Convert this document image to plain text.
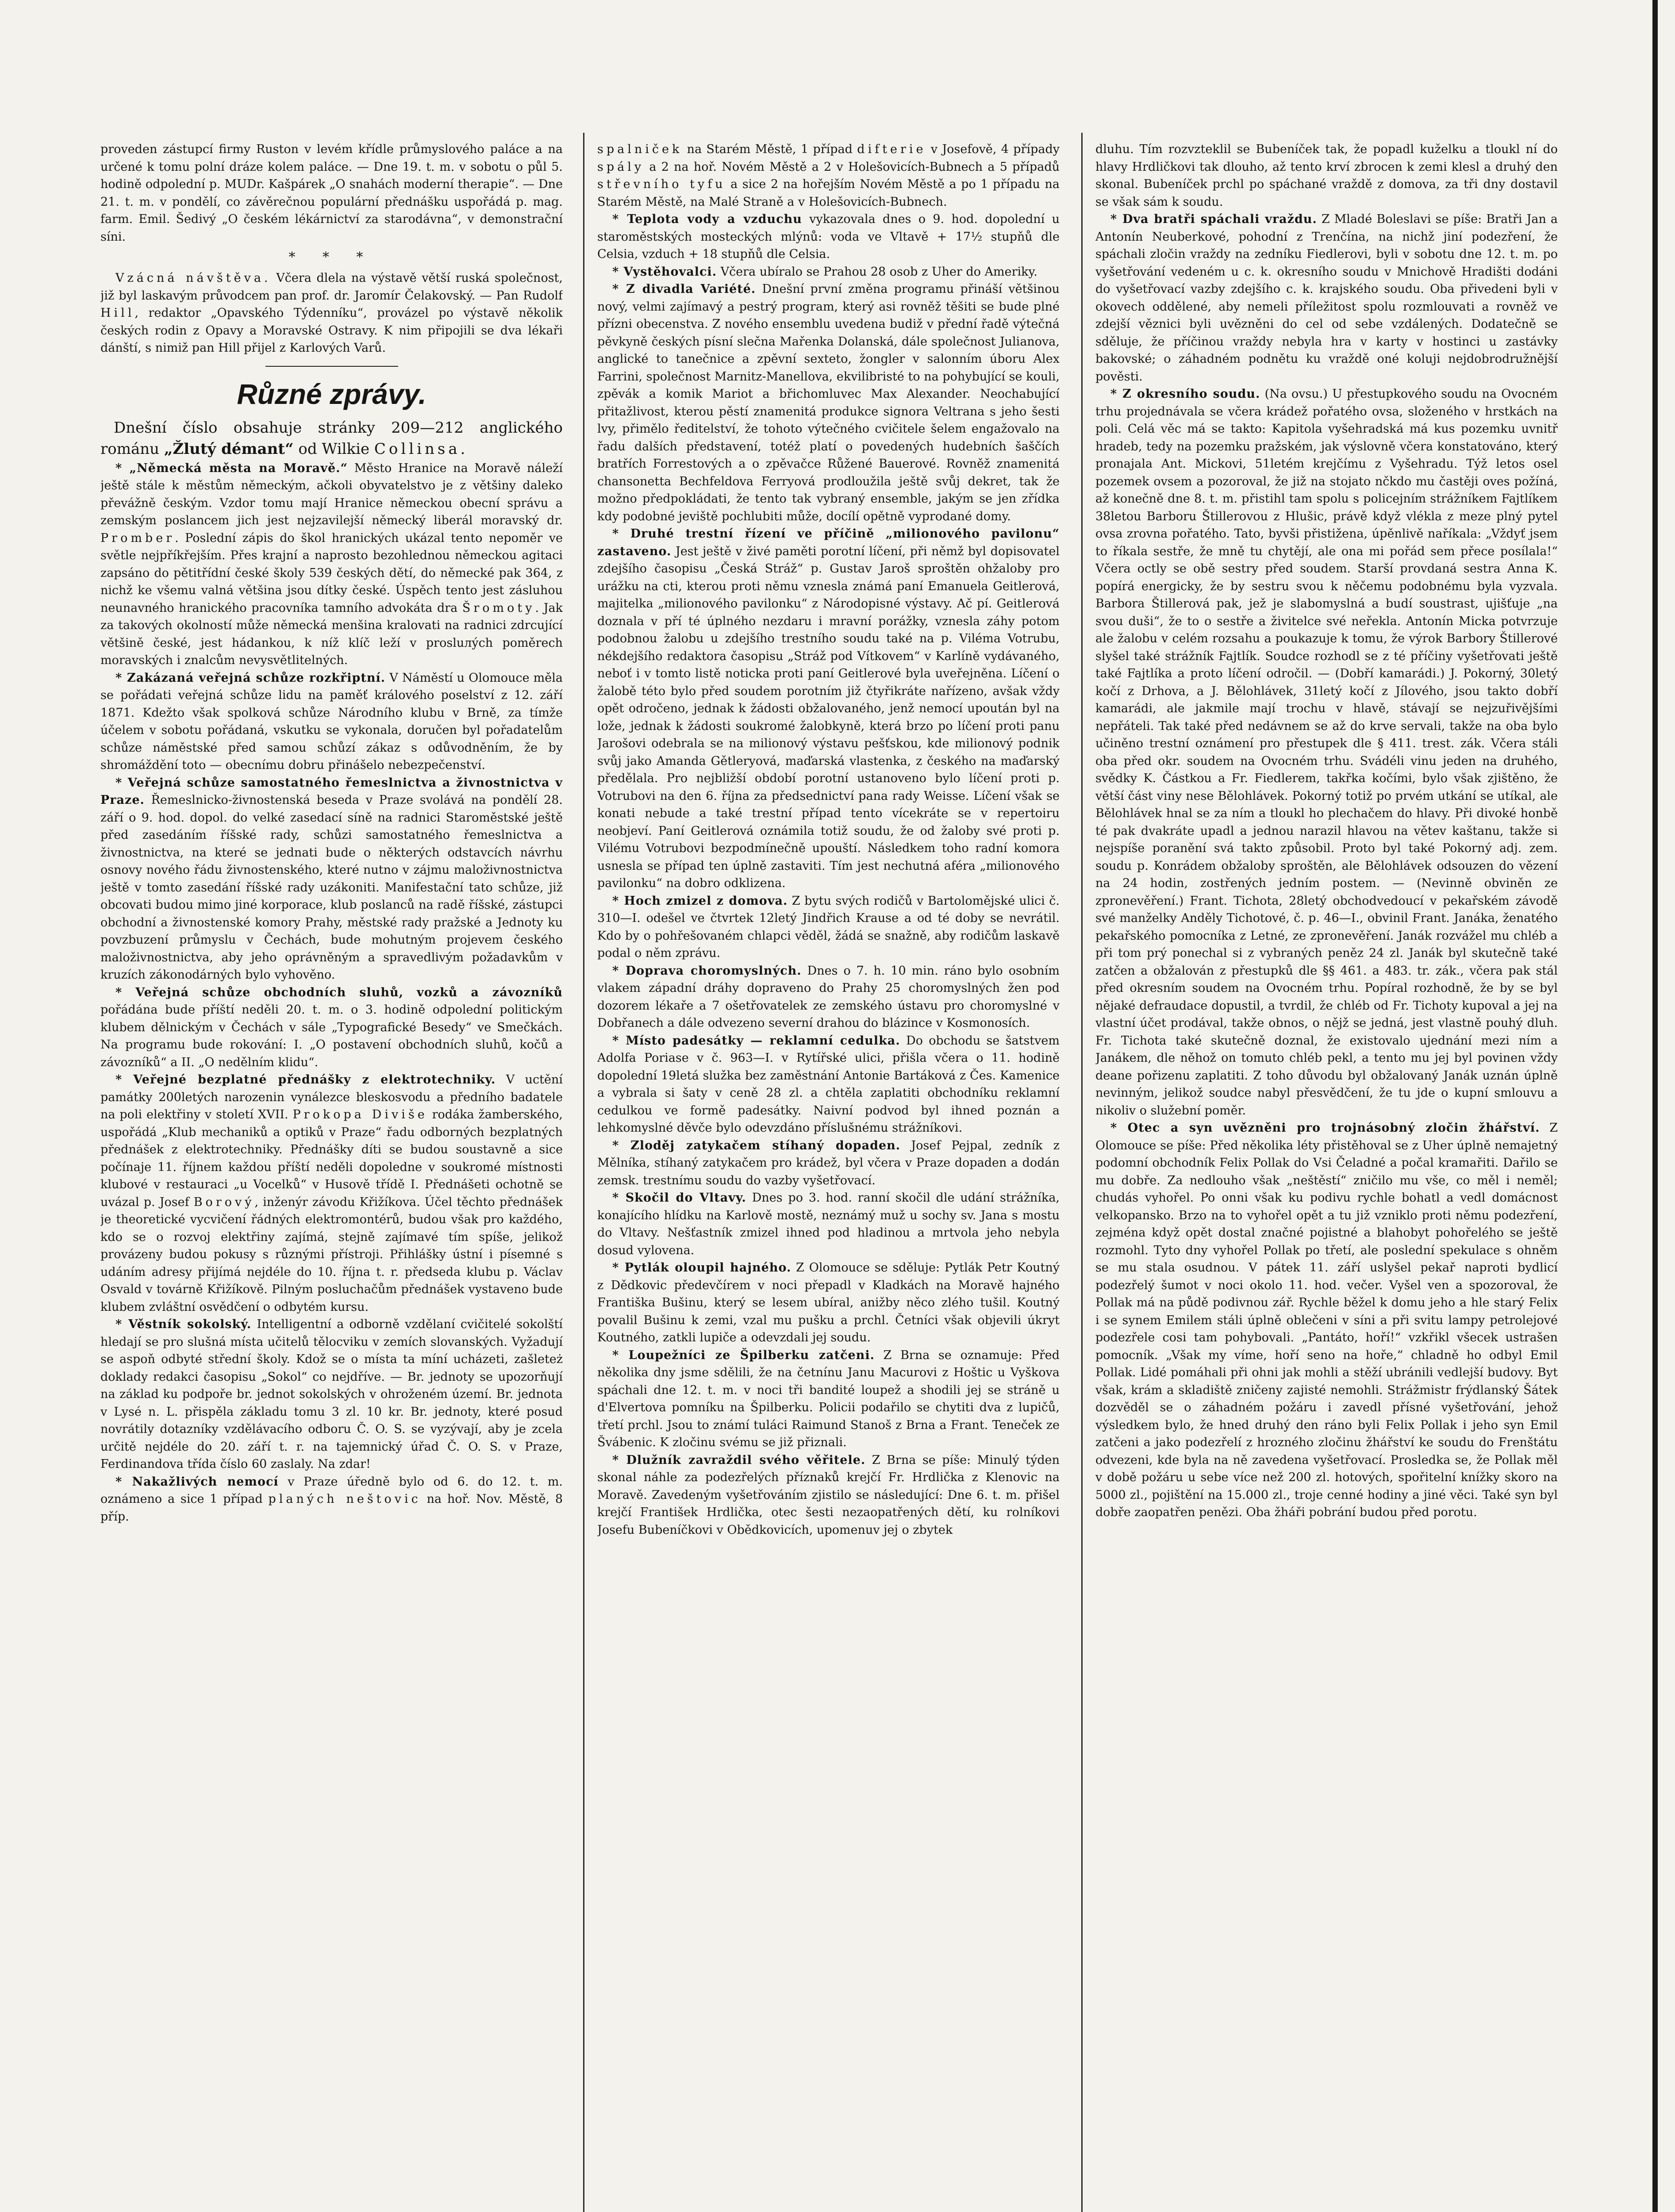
proveden zástupcí firmy Ruston v levém křídle průmyslového paláce a na určené k tomu polní dráze kolem paláce. — Dne 19. t. m. v sobotu o půl 5. hodině odpolední p. MUDr. Kašpárek „O snahách moderní therapie“. — Dne 21. t. m. v pondělí, co závěrečnou populární přednášku uspořádá p. mag. farm. Emil. Šedivý „O českém lékárnictví za starodávna“, v demonstrační síni.

* * *

Vzácná návštěva. Včera dlela na výstavě větší ruská společnost, již byl laskavým průvodcem pan prof. dr. Jaromír Čelakovský. — Pan Rudolf Hill, redaktor „Opavského Týdenníku“, provázel po výstavě několik českých rodin z Opavy a Moravské Ostravy. K nim připojili se dva lékaři dánští, s nimiž pan Hill přijel z Karlových Varů.

Různé zprávy.

Dnešní číslo obsahuje stránky 209—212 anglického románu „Žlutý démant“ od Wilkie Collinsa.

* „Německá města na Moravě.“ Město Hranice na Moravě náleží ještě stále k městům německým, ačkoli obyvatelstvo je z většiny daleko převážně českým. Vzdor tomu mají Hranice německou obecní správu a zemským poslancem jich jest nejzavilejší německý liberál moravský dr. Promber. Poslední zápis do škol hranických ukázal tento nepoměr ve světle nejpříkřejším. Přes krajní a naprosto bezohlednou německou agitaci zapsáno do pětitřídní české školy 539 českých dětí, do německé pak 364, z nichž ke všemu valná většina jsou dítky české. Úspěch tento jest zásluhou neunavného hranického pracovníka tamního advokáta dra Šromoty. Jak za takových okolností může německá menšina kralovati na radnici zdrcující většině české, jest hádankou, k níž klíč leží v prosluлých poměrech moravských i znalcům nevysvětlitelných.

* Zakázaná veřejná schůze rozkřiptní. V Náměstí u Olomouce měla se pořádati veřejná schůze lidu na paměť králového poselství z 12. září 1871. Kdežto však spolková schůze Národního klubu v Brně, za tímže účelem v sobotu pořádaná, vskutku se vykonala, doručen byl pořadatelům schůze náměstské před samou schůzí zákaz s odůvodněním, že by shromáždění toto — obecnímu dobru přinášelo nebezpečenství.

* Veřejná schůze samostatného řemeslnictva a živnostnictva v Praze. Řemeslnicko-živnostenská beseda v Praze svolává na pondělí 28. září o 9. hod. dopol. do velké zasedací síně na radnici Staroměstské ještě před zasedáním říšské rady, schůzi samostatného řemeslnictva a živnostnictva, na které se jednati bude o některých odstavcích návrhu osnovy nového řádu živnostenského, které nutno v zájmu maloživnostnictva ještě v tomto zasedání říšské rady uzákoniti. Manifestační tato schůze, již obcovati budou mimo jiné korporace, klub poslanců na radě říšské, zástupci obchodní a živnostenské komory Prahy, městské rady pražské a Jednoty ku povzbuzení průmyslu v Čechách, bude mohutným projevem českého maloživnostnictva, aby jeho oprávněným a spravedlivým požadavkům v kruzích zákonodárných bylo vyhověno.

* Veřejná schůze obchodních sluhů, vozků a závozníků pořádána bude příští neděli 20. t. m. o 3. hodině odpolední politickým klubem dělnickým v Čechách v sále „Typografické Besedy“ ve Smečkách. Na programu bude rokování: I. „O postavení obchodních sluhů, kočů a závozníků“ a II. „O nedělním klidu“.

* Veřejné bezplatné přednášky z elektrotechniky. V uctění památky 200letých narozenin vynálezce bleskosvodu a předního badatele na poli elektřiny v století XVII. Prokopa Diviše rodáka žamberského, uspořádá „Klub mechaniků a optiků v Praze“ řadu odborných bezplatných přednášek z elektrotechniky. Přednášky díti se budou soustavně a sice počínaje 11. říjnem každou příští neděli dopoledne v soukromé místnosti klubové v restauraci „u Vocelků“ v Husově třídě I. Přednášeti ochotně se uvázal p. Josef Borový, inženýr závodu Křižíkova. Účel těchto přednášek je theoretické vycvičení řádných elektromontérů, budou však pro každého, kdo se o rozvoj elektřiny zajímá, stejně zajímavé tím spíše, jelikož provázeny budou pokusy s různými přístroji. Přihlášky ústní i písemné s udáním adresy přijímá nejdéle do 10. října t. r. předseda klubu p. Václav Osvald v továrně Křižíkově. Pilným posluchačům přednášek vystaveno bude klubem zvláštní osvědčení o odbytém kursu.

* Věstník sokolský. Intelligentní a odborně vzdělaní cvičitelé sokolští hledají se pro slušná místa učitelů tělocviku v zemích slovanských. Vyžadují se aspoň odbyté střední školy. Kdož se o místa ta míní ucházeti, zašleteż doklady redakci časopisu „Sokol“ co nejdříve. — Br. jednoty se upozorňují na základ ku podpoře br. jednot sokolských v ohroženém území. Br. jednota v Lysé n. L. přispěla základu tomu 3 zl. 10 kr. Br. jednoty, které posud novrátily dotazníky vzdělávacího odboru Č. O. S. se vyzývají, aby je zcela určitě nejdéle do 20. září t. r. na tajemnický úřad Č. O. S. v Praze, Ferdinandova třída číslo 60 zaslaly. Na zdar!

* Nakažlivých nemocí v Praze úředně bylo od 6. do 12. t. m. oznámeno a sice 1 případ planých neštovic na hoř. Nov. Městě, 8 příp.

spalniček na Starém Městě, 1 případ difterie v Josefově, 4 případy spály a 2 na hoř. Novém Městě a 2 v Holešovicích-Bubnech a 5 případů střevního tyfu a sice 2 na hořejším Novém Městě a po 1 případu na Starém Městě, na Malé Straně a v Holešovicích-Bubnech.

* Teplota vody a vzduchu vykazovala dnes o 9. hod. dopolední u staroměstských mosteckých mlýnů: voda ve Vltavě + 17½ stupňů dle Celsia, vzduch + 18 stupňů dle Celsia.

* Vystěhovalci. Včera ubíralo se Prahou 28 osob z Uher do Ameriky.

* Z divadla Variété. Dnešní první změna programu přináší většinou nový, velmi zajímavý a pestrý program, který asi rovněž těšiti se bude plné přízni obecenstva. Z nového ensemblu uvedena budiž v přední řadě výtečná pěvkyně českých písní slečna Mařenka Dolanská, dále společnost Julianova, anglické to tanečnice a zpěvní sexteto, žongler v salonním úboru Alex Farrini, společnost Marnitz-Manellova, ekvilibristé to na pohybující se kouli, zpěvák a komik Mariot a břichomluvec Max Alexander. Neochabující přitažlivost, kterou pěstí znamenitá produkce signora Veltrana s jeho šesti lvy, přimělo ředitelství, že tohoto výtečného cvičitele šelem engažovalo na řadu dalších představení, totéž platí o povedených hudebních šaščích bratřích Forrestových a o zpěvačce Růžené Bauerové. Rovněž znamenitá chansonetta Bechfeldova Ferryová prodloužila ještě svůj dekret, tak že možno předpokládati, že tento tak vybraný ensemble, jakým se jen zřídka kdy podobné jeviště pochlubiti může, docílí opětně vyprodané domy.

* Druhé trestní řízení ve příčině „milionového pavilonu“ zastaveno. Jest ještě v živé paměti porotní líčení, při němž byl dopisovatel zdejšího časopisu „Česká Stráž“ p. Gustav Jaroš sproštěn ohžaloby pro urážku na cti, kterou proti němu vznesla známá paní Emanuela Geitlerová, majitelka „milionového pavilonku“ z Národopisné výstavy. Ač pí. Geitlerová doznala v pří té úplného nezdaru i mravní porážky, vznesla záhy potom podobnou žalobu u zdejšího trestního soudu také na p. Viléma Votrubu, nékdejšího redaktora časopisu „Stráž pod Vítkovem“ v Karlíně vydávaného, neboť i v tomto listě noticka proti paní Geitlerové byla uveřejněna. Líčení o žalobě této bylo před soudem porotním již čtyřikráte nařízeno, avšak vždy opět odročeno, jednak k žádosti obžalovaného, jenž nemocí upoután byl na lože, jednak k žádosti soukromé žalobkyně, která brzo po líčení proti panu Jarošovi odebrala se na milionový výstavu pešťskou, kde milionový podnik svůj jako Amanda Gětleryová, maďarská vlastenka, z českého na maďarský předělala. Pro nejbližší období porotní ustanoveno bylo líčení proti p. Votrubovi na den 6. října za předsednictví pana rady Weisse. Líčení však se konati nebude a také trestní případ tento vícekráte se v repertoiru neobjeví. Paní Geitlerová oznámila totiž soudu, že od žaloby své proti p. Vilému Votrubovi bezpodmínečně upouští. Následkem toho radní komora usnesla se případ ten úplně zastaviti. Tím jest nechutná aféra „milionového pavilonku“ na dobro odklizena.

* Hoch zmizel z domova. Z bytu svých rodičů v Bartolomějské ulici č. 310—I. odešel ve čtvrtek 12letý Jindřich Krause a od té doby se nevrátil. Kdo by o pohřešovaném chlapci věděl, žádá se snažně, aby rodičům laskavě podal o něm zprávu.

* Doprava choromyslných. Dnes o 7. h. 10 min. ráno bylo osobním vlakem západní dráhy dopraveno do Prahy 25 choromyslných žen pod dozorem lékaře a 7 ošetřovatelek ze zemského ústavu pro choromyslné v Dobřanech a dále odvezeno severní drahou do blázince v Kosmonosích.

* Místo padesátky — reklamní cedulka. Do obchodu se šatstvem Adolfa Poriase v č. 963—I. v Rytířské ulici, přišla včera o 11. hodině dopolední 19letá služka bez zaměstnání Antonie Bartáková z Čes. Kamenice a vybrala si šaty v ceně 28 zl. a chtěla zaplatiti obchodníku reklamní cedulkou ve formě padesátky. Naivní podvod byl ihned poznán a lehkomyslné děvče bylo odevzdáno příslušnému strážníkovi.

* Zloděj zatykačem stíhaný dopaden. Josef Pejpal, zedník z Mělníka, stíhaný zatykačem pro krádež, byl včera v Praze dopaden a dodán zemsk. trestnímu soudu do vazby vyšetřovací.

* Skočil do Vltavy. Dnes po 3. hod. ranní skočil dle udání strážníka, konajícího hlídku na Karlově mostě, neznámý muž u sochy sv. Jana s mostu do Vltavy. Nešťastník zmizel ihned pod hladinou a mrtvola jeho nebyla dosud vylovena.

* Pytlák oloupil hajného. Z Olomouce se sděluje: Pytlák Petr Koutný z Dědkovic předevčírem v noci přepadl v Kladkách na Moravě hajného Františka Bušinu, který se lesem ubíral, anižby něco zlého tušil. Koutný povalil Bušinu k zemi, vzal mu pušku a prchl. Četníci však objevili úkryt Koutného, zatkli lupiče a odevzdali jej soudu.

* Loupežníci ze Špilberku zatčeni. Z Brna se oznamuje: Před několika dny jsme sdělili, že na četnínu Janu Macurovi z Hoštic u Vyškova spáchali dne 12. t. m. v noci tři bandité loupež a shodili jej se stráně u d'Elvertova pomníku na Špilberku. Policii podařilo se chytiti dva z lupičů, třetí prchl. Jsou to známí tuláci Raimund Stanoš z Brna a Frant. Teneček ze Švábenic. K zločinu svému se již přiznali.

* Dlužník zavraždil svého věřitele. Z Brna se píše: Minulý týden skonal náhle za podezřelých příznaků krejčí Fr. Hrdlička z Klenovic na Moravě. Zavedeným vyšetřováním zjistilo se následující: Dne 6. t. m. přišel krejčí František Hrdlička, otec šesti nezaopatřených dětí, ku rolníkovi Josefu Bubeníčkovi v Obědkovicích, upomenuv jej o zbytek

dluhu. Tím rozvzteklil se Bubeníček tak, že popadl kuželku a tloukl ní do hlavy Hrdličkovi tak dlouho, až tento krví zbrocen k zemi klesl a druhý den skonal. Bubeníček prchl po spáchané vraždě z domova, za tři dny dostavil se však sám k soudu.

* Dva bratři spáchali vraždu. Z Mladé Boleslavi se píše: Bratři Jan a Antonín Neuberkové, pohodní z Trenčína, na nichž jiní podezření, že spáchali zločin vraždy na zedníku Fiedlerovi, byli v sobotu dne 12. t. m. po vyšetřování vedeném u c. k. okresního soudu v Mnichově Hradišti dodáni do vyšetřovací vazby zdejšího c. k. krajského soudu. Oba přivedeni byli v okovech oddělené, aby nemeli příležitost spolu rozmlouvati a rovněž ve zdejší věznici byli uvězněni do cel od sebe vzdálených. Dodatečně se sdělujе, že příčinou vraždy nebyla hra v karty v hostinci u zastávky bakovské; o záhadném podnětu ku vraždě oné koluji nejdobrodružnější pověsti.

* Z okresního soudu. (Na ovsu.) U přestupkového soudu na Ovocném trhu projednávala se včera krádež pořatého ovsa, složeného v hrstkách na poli. Celá věc má se takto: Kapitola vyšehradská má kus pozemku uvnitř hradeb, tedy na pozemku pražském, jak výslovně včera konstatováno, který pronajala Ant. Mickovi, 51letém krejčímu z Vyšehradu. Týž letos osel pozemek ovsem a pozoroval, že již na stojato nčkdo mu častěji oves požíná, až konečně dne 8. t. m. přistihl tam spolu s policejním strážníkem Fajtlíkem 38letou Barboru Štillerovou z Hlušic, právě když vlékla z meze plný pytel ovsa zrovna pořatého. Tato, byvši přistižena, úpěnlivě naříkala: „Vždyť jsem to říkala sestře, že mně tu chytějí, ale ona mi pořád sem přece posílala!“ Včera octly se obě sestry před soudem. Starší provdaná sestra Anna K. popírá energicky, že by sestru svou k něčemu podobnému byla vyzvala. Barbora Štillerová pak, jež je slabomyslná a budí soustrast, ujišťuje „na svou duši“, že to o sestře a živitelce své neřekla. Antonín Micka potvrzuje ale žalobu v celém rozsahu a poukazuje k tomu, že výrok Barbory Štillerové slyšel také strážník Fajtlík. Soudce rozhodl se z té příčiny vyšetřovati ještě také Fajtlíka a proto líčení odročil. — (Dobří kamarádi.) J. Pokorný, 30letý kočí z Drhova, a J. Bělohlávek, 31letý kočí z Jílového, jsou takto dobří kamarádi, ale jakmile mají trochu v hlavě, stávají se nejzuřivějšími nepřáteli. Tak také před nedávnem se až do krve servali, takže na oba bylo učiněno trestní oznámení pro přestupek dle § 411. trest. zák. Včera stáli oba před okr. soudem na Ovocném trhu. Svádéli vinu jeden na druhého, svědky K. Částkou a Fr. Fiedlerem, takřka kočími, bylo však zjištěno, že větší část viny nese Bělohlávek. Pokorný totiž po prvém utkání se utíkal, ale Bělohlávek hnal se za ním a tloukl ho plechačem do hlavy. Při divoké honbě té pak dvakráte upadl a jednou narazil hlavou na větev kaštanu, takže si nejspíše poranění svá takto způsobil. Proto byl také Pokorný adj. zem. soudu p. Konrádem obžaloby sproštěn, ale Bělohlávek odsouzen do vězení na 24 hodin, zostřených jedním postem. — (Nevinně obviněn ze zpronevěření.) Frant. Tichota, 28letý obchodvedoucí v pekařském závodě své manželky Anděly Tichotové, č. p. 46—I., obvinil Frant. Janáka, ženatého pekařského pomocníka z Letné, ze zpronevěření. Janák rozvážel mu chléb a při tom prý ponechal si z vybraných peněz 24 zl. Janák byl skutečně také zatčen a obžalován z přestupků dle §§ 461. a 483. tr. zák., včera pak stál před okresním soudem na Ovocném trhu. Popíral rozhodně, že by se byl nějaké defraudace dopustil, a tvrdil, že chléb od Fr. Tichoty kupoval a jej na vlastní účet prodával, takže obnos, o nějž se jedná, jest vlastně pouhý dluh. Fr. Tichota také skutečně doznal, že existovalo ujednání mezi ním a Janákem, dle něhož on tomuto chléb pekl, a tento mu jej byl povinen vždy deane pořizenu zaplatiti. Z toho důvodu byl obžalovaný Janák uznán úplně nevinným, jelikož soudce nabyl přesvědčení, že tu jde o kupní smlouvu a nikoliv o služební poměr.

* Otec a syn uvězněni pro trojnásobný zločin žhářství. Z Olomouce se píše: Před několika léty přistěhoval se z Uher úplně nemajetný podomní obchodník Felix Pollak do Vsi Čeladné a počal kramařiti. Dařilo se mu dobře. Za nedlouho však „neštěstí“ zničilo mu vše, co měl i neměl; chudás vyhořel. Po onni však ku podivu rychle bohatl a vedl domácnost velkopansko. Brzo na to vyhořel opět a tu již vzniklo proti němu podezření, zejména když opět dostal značné pojistné a blahobyt pohořelého se ještě rozmohl. Tyto dny vyhořel Pollak po třetí, ale poslední spekulace s ohněm se mu stala osudnou. V pátek 11. září uslyšel pekař naproti bydlicí podezřelý šumot v noci okolo 11. hod. večer. Vyšel ven a spozoroval, že Pollak má na půdě podivnou zář. Rychle běžel k domu jeho a hle starý Felix i se synem Emilem stáli úplně oblečeni v síni a při svitu lampy petrolejové podezřele cosi tam pohybovali. „Pantáto, hoří!“ vzkřikl všecek ustrašen pomocník. „Však my víme, hoří seno na hoře,“ chladně ho odbyl Emil Pollak. Lidé pomáhali při ohni jak mohli a stěží ubránili vedlejší budovy. Byt však, krám a skladiště zničeny zajisté nemohli. Strážmistr frýdlanský Šátek dozvěděl se o záhadném požáru i zavedl přísné vyšetřování, jehož výsledkem bylo, že hned druhý den ráno byli Felix Pollak i jeho syn Emil zatčeni a jako podezřelí z hrozného zločinu žhářství ke soudu do Frenštátu odvezeni, kde byla na ně zavedena vyšetřovací. Prosledka se, že Pollak měl v době požáru u sebe více než 200 zl. hotových, spořitelní knížky skoro na 5000 zl., pojištění na 15.000 zl., troje cenné hodiny a jiné věci. Také syn byl dobře zaopatřen penězi. Oba žháři pobrání budou před porotu.
